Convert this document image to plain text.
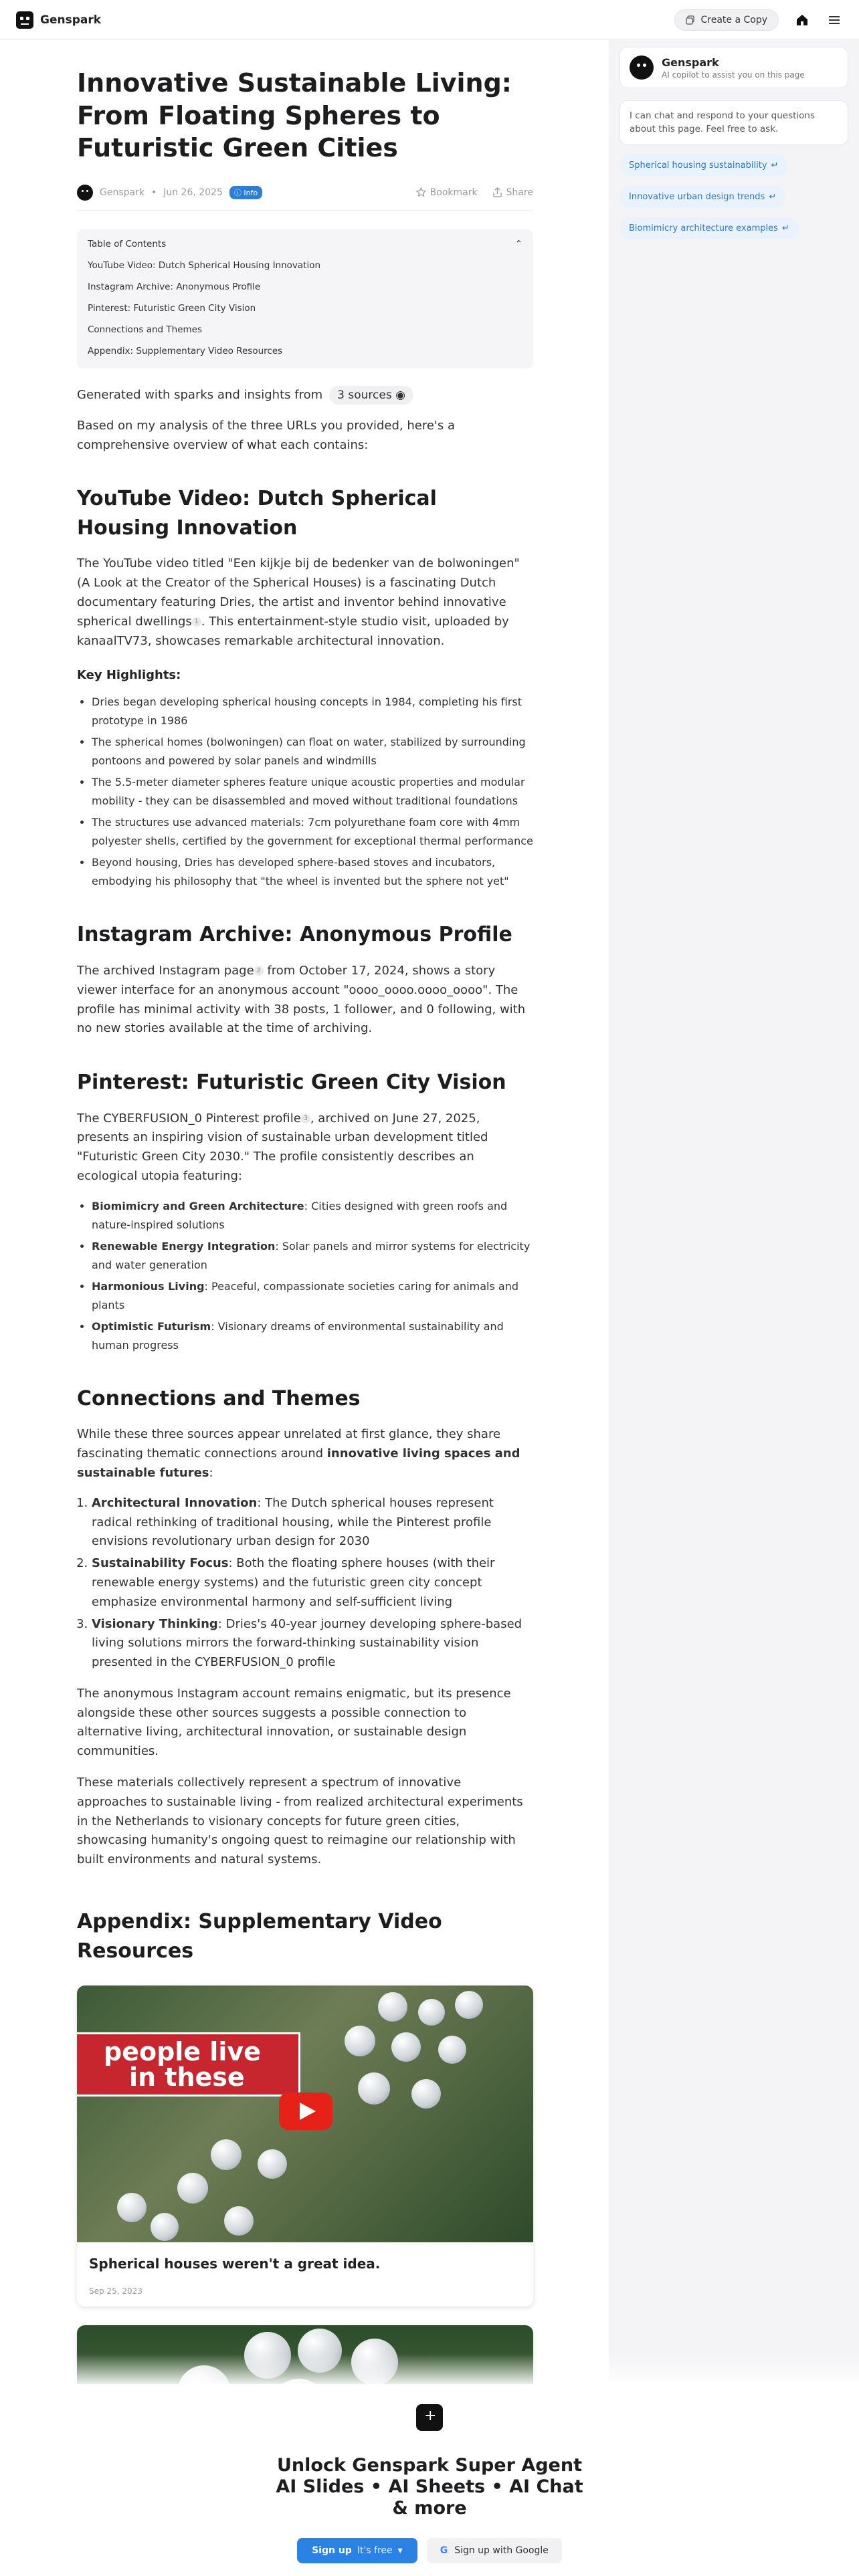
Genspark	Create a Copy
Innovative Sustainable Living: From Floating Spheres to Futuristic Green Cities
Genspark • Jun 26, 2025	ⓘ Info	Bookmark	Share
Table of Contents	⌃
YouTube Video: Dutch Spherical Housing Innovation
Instagram Archive: Anonymous Profile
Pinterest: Futuristic Green City Vision
Connections and Themes
Appendix: Supplementary Video Resources
Generated with sparks and insights from	3 sources ◉

Based on my analysis of the three URLs you provided, here's a comprehensive overview of what each contains:

YouTube Video: Dutch Spherical Housing Innovation

The YouTube video titled "Een kijkje bij de bedenker van de bolwoningen" (A Look at the Creator of the Spherical Houses) is a fascinating Dutch documentary featuring Dries, the artist and inventor behind innovative spherical dwellings 1 . This entertainment-style studio visit, uploaded by kanaalTV73, showcases remarkable architectural innovation.

Key Highlights:
• Dries began developing spherical housing concepts in 1984, completing his first prototype in 1986
• The spherical homes (bolwoningen) can float on water, stabilized by surrounding pontoons and powered by solar panels and windmills
• The 5.5-meter diameter spheres feature unique acoustic properties and modular mobility - they can be disassembled and moved without traditional foundations
• The structures use advanced materials: 7cm polyurethane foam core with 4mm polyester shells, certified by the government for exceptional thermal performance
• Beyond housing, Dries has developed sphere-based stoves and incubators, embodying his philosophy that "the wheel is invented but the sphere not yet"
Instagram Archive: Anonymous Profile

The archived Instagram page 2 from October 17, 2024, shows a story viewer interface for an anonymous account "oooo_oooo.oooo_oooo". The profile has minimal activity with 38 posts, 1 follower, and 0 following, with no new stories available at the time of archiving.

Pinterest: Futuristic Green City Vision

The CYBERFUSION_0 Pinterest profile 3 , archived on June 27, 2025, presents an inspiring vision of sustainable urban development titled "Futuristic Green City 2030." The profile consistently describes an ecological utopia featuring:

• Biomimicry and Green Architecture: Cities designed with green roofs and nature-inspired solutions
• Renewable Energy Integration: Solar panels and mirror systems for electricity and water generation
• Harmonious Living: Peaceful, compassionate societies caring for animals and plants
• Optimistic Futurism: Visionary dreams of environmental sustainability and human progress
Connections and Themes

While these three sources appear unrelated at first glance, they share fascinating thematic connections around innovative living spaces and sustainable futures:

1. Architectural Innovation: The Dutch spherical houses represent radical rethinking of traditional housing, while the Pinterest profile envisions revolutionary urban design for 2030
2. Sustainability Focus: Both the floating sphere houses (with their renewable energy systems) and the futuristic green city concept emphasize environmental harmony and self-sufficient living
3. Visionary Thinking: Dries's 40-year journey developing sphere-based living solutions mirrors the forward-thinking sustainability vision presented in the CYBERFUSION_0 profile

The anonymous Instagram account remains enigmatic, but its presence alongside these other sources suggests a possible connection to alternative living, architectural innovation, or sustainable design communities.

These materials collectively represent a spectrum of innovative approaches to sustainable living - from realized architectural experiments in the Netherlands to visionary concepts for future green cities, showcasing humanity's ongoing quest to reimagine our relationship with built environments and natural systems.

Appendix: Supplementary Video Resources
people live
in these
Spherical houses weren't a great idea.
Sep 25, 2023
Genspark
AI copilot to assist you on this page
I can chat and respond to your questions about this page. Feel free to ask.
Spherical housing sustainability ↵
Innovative urban design trends ↵
Biomimicry architecture examples ↵
+
Unlock Genspark Super Agent AI Slides • AI Sheets • AI Chat & more
Sign up It's free ▾	G Sign up with Google
